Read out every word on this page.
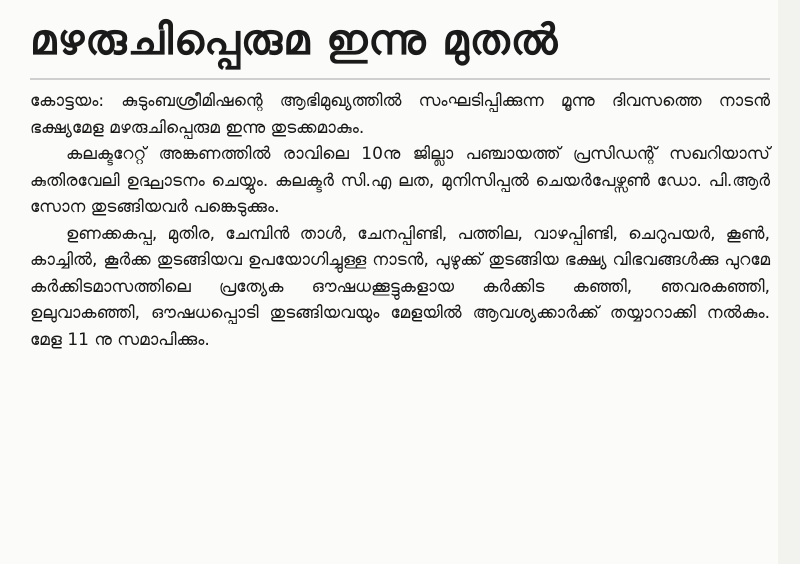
മഴരുചിപ്പെരുമ ഇന്നു മുതൽ

കോട്ടയം: കുടുംബശ്രീമിഷന്റെ ആഭിമുഖ്യത്തിൽ സംഘടിപ്പിക്കുന്ന മൂന്നു ദിവസത്തെ നാടൻ ഭക്ഷ്യമേള മഴരുചിപ്പെരുമ ഇന്നു തുടക്കമാകും.

കലക്ടറേറ്റ് അങ്കണത്തിൽ രാവിലെ 10നു ജില്ലാ പഞ്ചായത്ത് പ്രസിഡന്റ് സഖറിയാസ് കുതിരവേലി ഉദ്ഘാടനം ചെയ്യും. കലക്ടർ സി.എ ലത, മുനിസിപ്പൽ ചെയർപേഴ്സൺ ഡോ. പി.ആർ സോന തുടങ്ങിയവർ പങ്കെടുക്കും.

ഉണക്കകപ്പ, മുതിര, ചേമ്പിൻ താൾ, ചേനപ്പിണ്ടി, പത്തില, വാഴപ്പിണ്ടി, ചെറുപയർ, കൂൺ, കാച്ചിൽ, കൂർക്ക തുടങ്ങിയവ ഉപയോഗിച്ചുള്ള നാടൻ, പുഴുക്ക് തുടങ്ങിയ ഭക്ഷ്യ വിഭവങ്ങൾക്കു പുറമേ കർക്കിടമാസത്തിലെ പ്രത്യേക ഔഷധക്കൂട്ടുകളായ കർക്കിട കഞ്ഞി, ഞവരകഞ്ഞി, ഉലുവാകഞ്ഞി, ഔഷധപ്പൊടി തുടങ്ങിയവയും മേളയിൽ ആവശ്യക്കാർക്ക് തയ്യാറാക്കി നൽകും. മേള 11 നു സമാപിക്കും.
